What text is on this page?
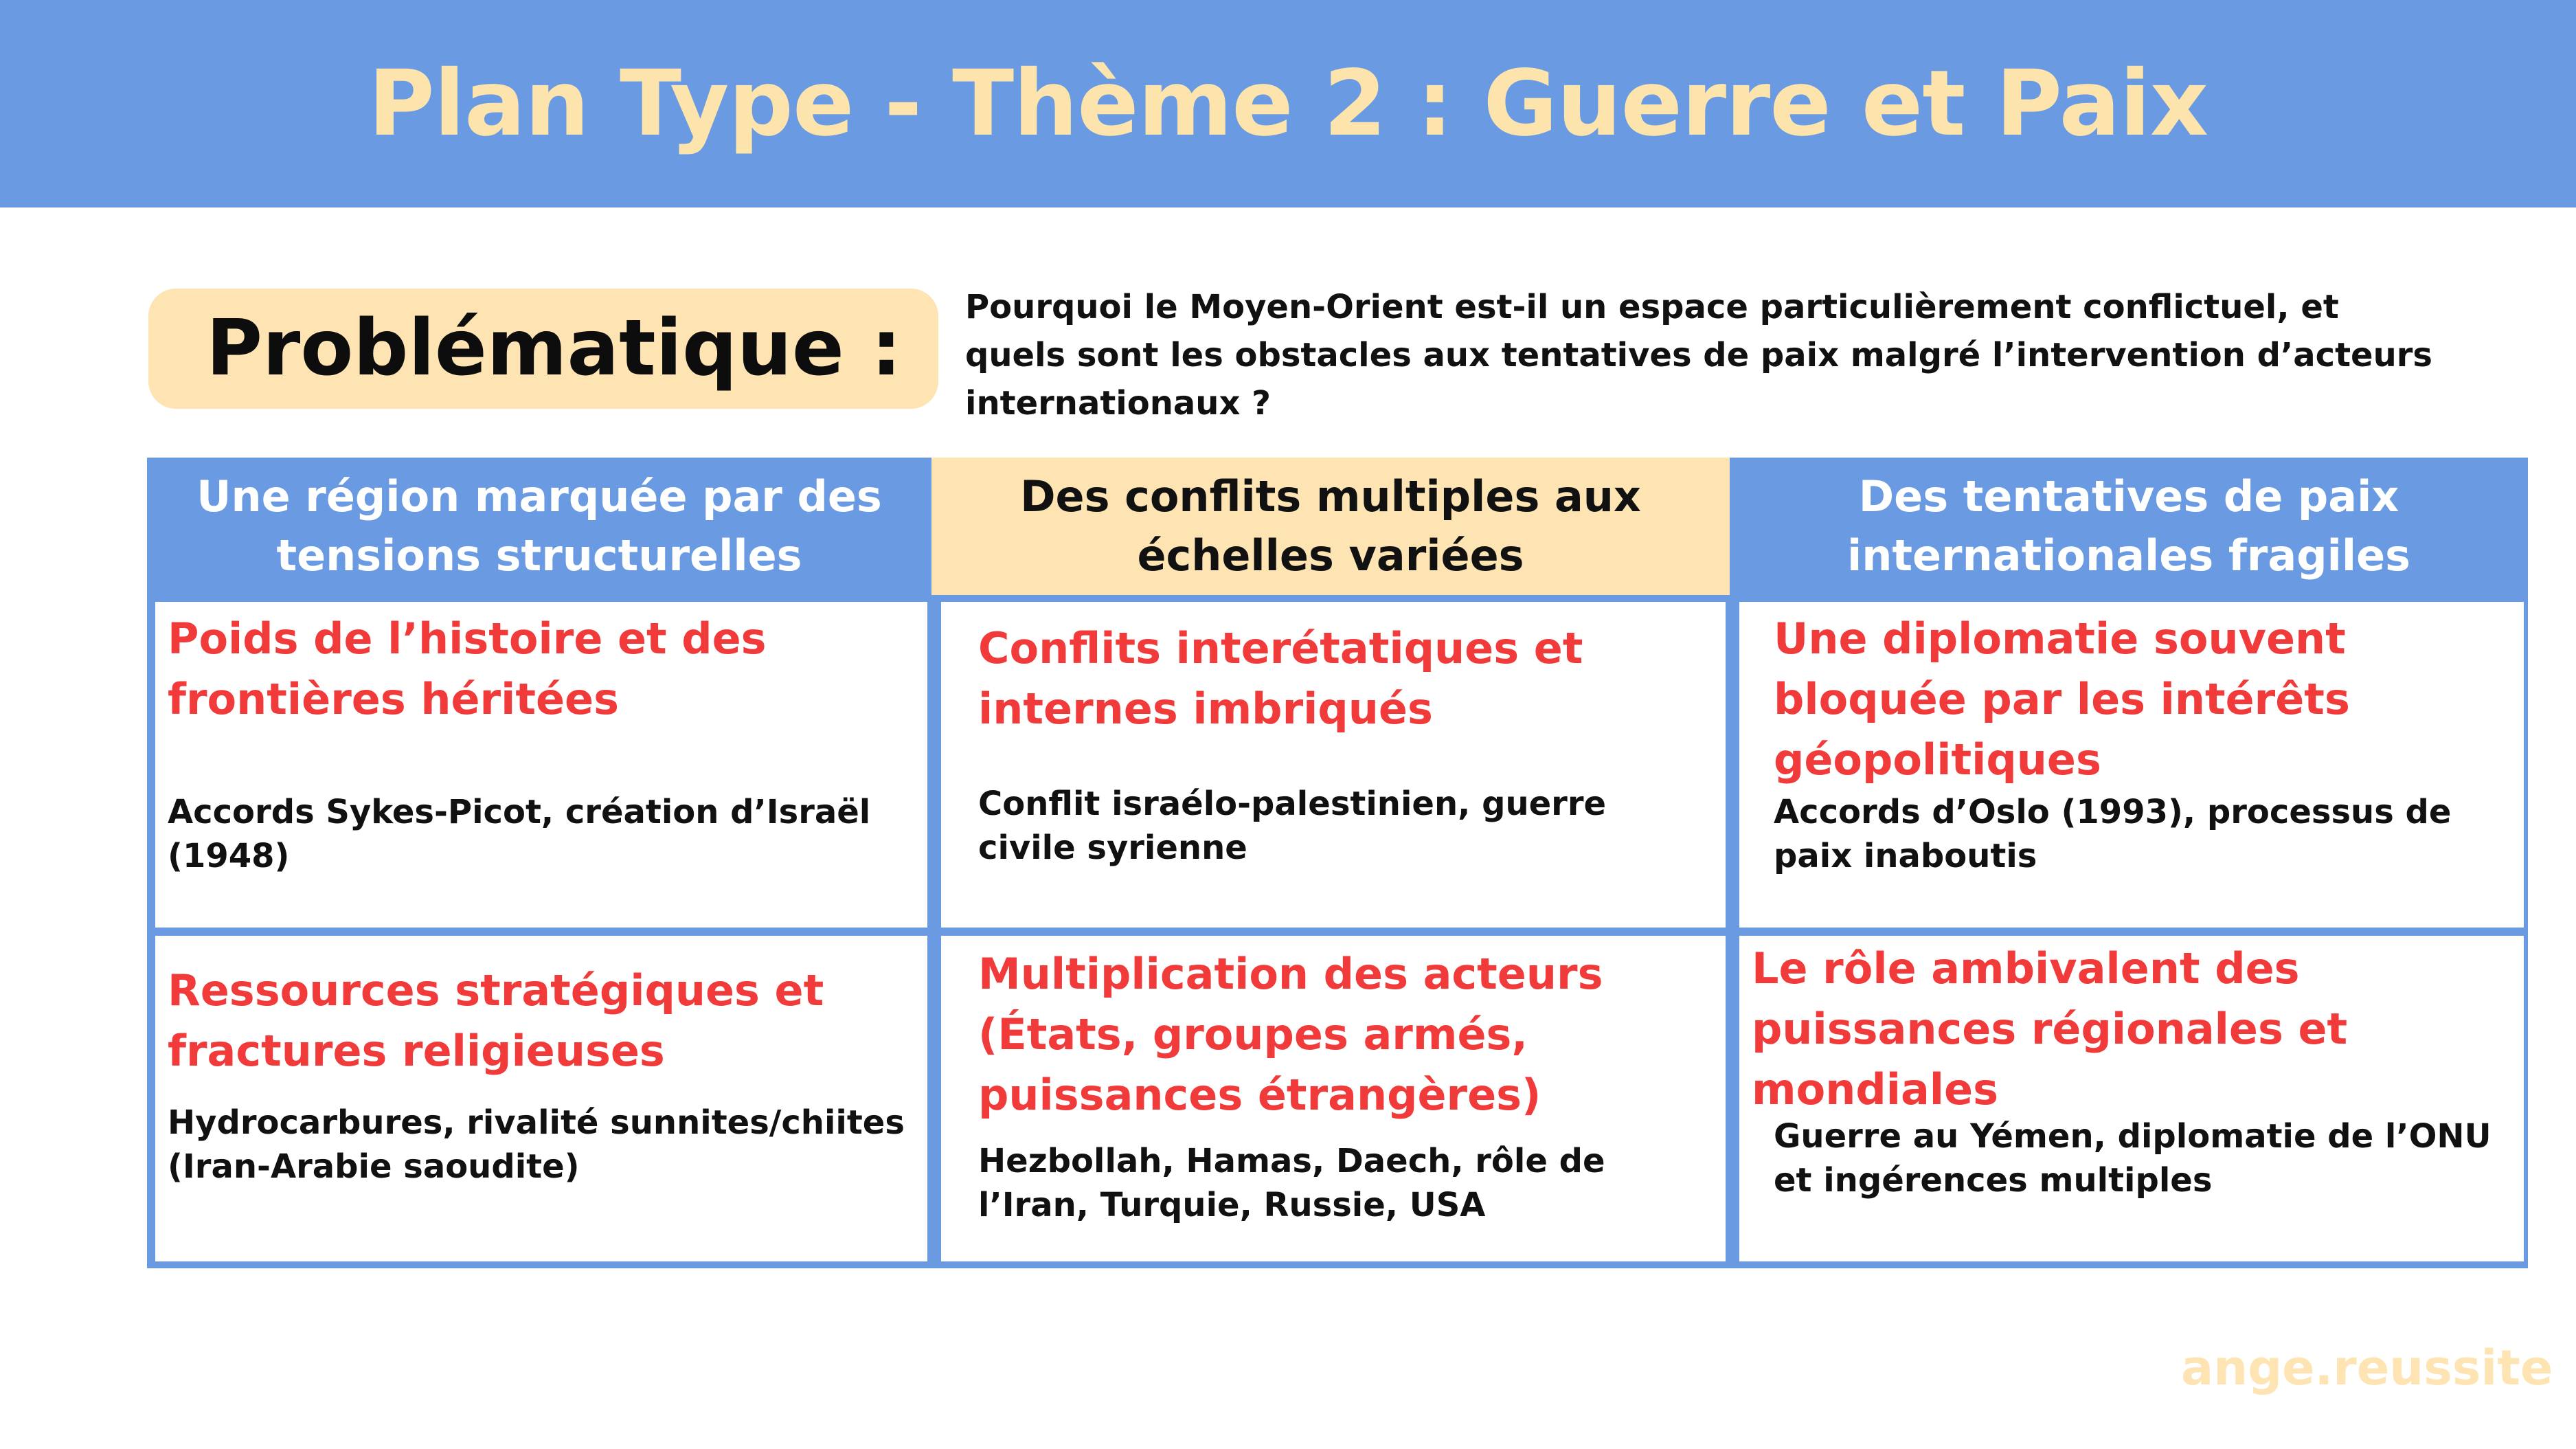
Plan Type - Thème 2 : Guerre et Paix
Problématique : Pourquoi le Moyen-Orient est-il un espace particulièrement conflictuel, et quels sont les obstacles aux tentatives de paix malgré l’intervention d’acteurs internationaux ?
Une région marquée par des tensions structurelles
Des conflits multiples aux échelles variées
Des tentatives de paix internationales fragiles
Poids de l’histoire et des frontières héritées
Accords Sykes-Picot, création d’Israël (1948)
Ressources stratégiques et fractures religieuses
Hydrocarbures, rivalité sunnites/chiites (Iran-Arabie saoudite)
Conflits interétatiques et internes imbriqués
Conflit israélo-palestinien, guerre civile syrienne
Multiplication des acteurs (États, groupes armés, puissances étrangères)
Hezbollah, Hamas, Daech, rôle de l’Iran, Turquie, Russie, USA
Une diplomatie souvent bloquée par les intérêts géopolitiques
Accords d’Oslo (1993), processus de paix inaboutis
Le rôle ambivalent des puissances régionales et mondiales
Guerre au Yémen, diplomatie de l’ONU et ingérences multiples
ange.reussite
